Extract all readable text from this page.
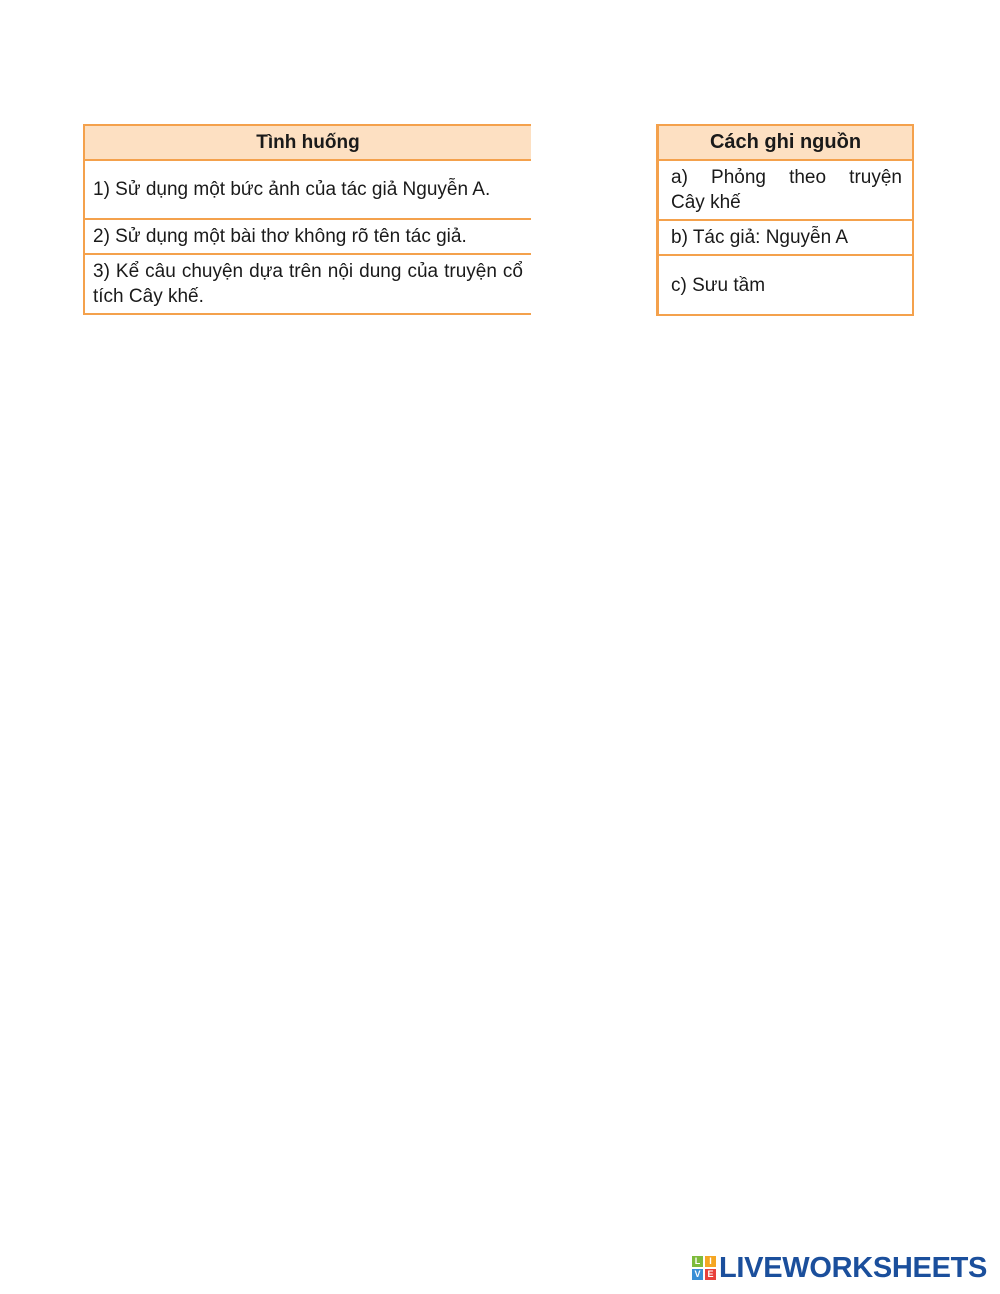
Tình huống
1) Sử dụng một bức ảnh của tác giả Nguyễn A.
2) Sử dụng một bài thơ không rõ tên tác giả.
3) Kể câu chuyện dựa trên nội dung của truyện cổ tích Cây khế.
Cách ghi nguồn

a) Phỏng theo truyện
Cây khế
b) Tác giả: Nguyễn A
c) Sưu tầm
L I
V E LIVEWORKSHEETS
